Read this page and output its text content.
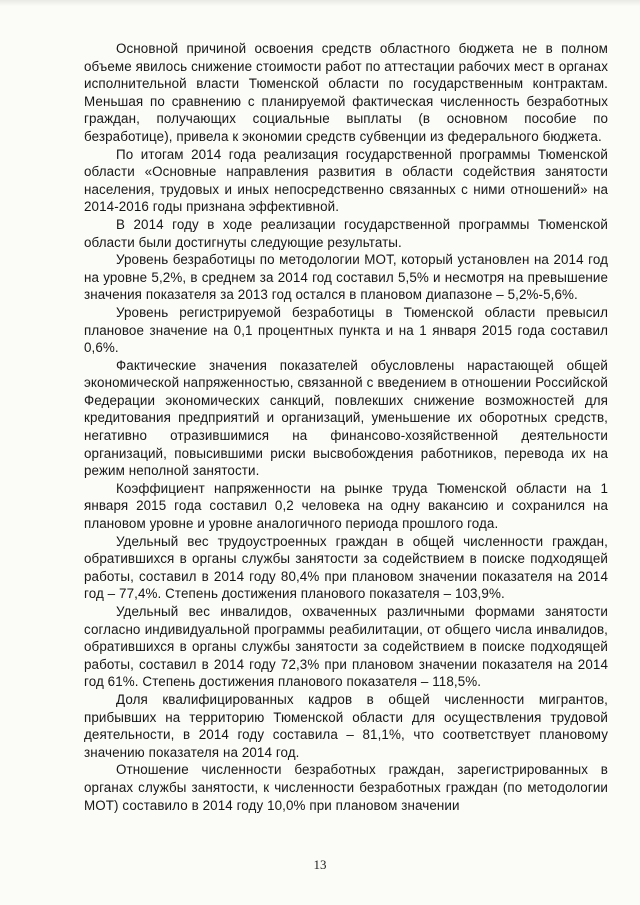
Основной причиной освоения средств областного бюджета не в полном объеме явилось снижение стоимости работ по аттестации рабочих мест в органах исполнительной власти Тюменской области по государственным контрактам. Меньшая по сравнению с планируемой фактическая численность безработных граждан, получающих социальные выплаты (в основном пособие по безработице), привела к экономии средств субвенции из федерального бюджета.

По итогам 2014 года реализация государственной программы Тюменской области «Основные направления развития в области содействия занятости населения, трудовых и иных непосредственно связанных с ними отношений» на 2014-2016 годы признана эффективной.

В 2014 году в ходе реализации государственной программы Тюменской области были достигнуты следующие результаты.

Уровень безработицы по методологии МОТ, который установлен на 2014 год на уровне 5,2%, в среднем за 2014 год составил 5,5% и несмотря на превышение значения показателя за 2013 год остался в плановом диапазоне – 5,2%-5,6%.

Уровень регистрируемой безработицы в Тюменской области превысил плановое значение на 0,1 процентных пункта и на 1 января 2015 года составил 0,6%.

Фактические значения показателей обусловлены нарастающей общей экономической напряженностью, связанной с введением в отношении Российской Федерации экономических санкций, повлекших снижение возможностей для кредитования предприятий и организаций, уменьшение их оборотных средств, негативно отразившимися на финансово-хозяйственной деятельности организаций, повысившими риски высвобождения работников, перевода их на режим неполной занятости.

Коэффициент напряженности на рынке труда Тюменской области на 1 января 2015 года составил 0,2 человека на одну вакансию и сохранился на плановом уровне и уровне аналогичного периода прошлого года.

Удельный вес трудоустроенных граждан в общей численности граждан, обратившихся в органы службы занятости за содействием в поиске подходящей работы, составил в 2014 году 80,4% при плановом значении показателя на 2014 год – 77,4%. Степень достижения планового показателя – 103,9%.

Удельный вес инвалидов, охваченных различными формами занятости согласно индивидуальной программы реабилитации, от общего числа инвалидов, обратившихся в органы службы занятости за содействием в поиске подходящей работы, составил в 2014 году 72,3% при плановом значении показателя на 2014 год 61%. Степень достижения планового показателя – 118,5%.

Доля квалифицированных кадров в общей численности мигрантов, прибывших на территорию Тюменской области для осуществления трудовой деятельности, в 2014 году составила – 81,1%, что соответствует плановому значению показателя на 2014 год.

Отношение численности безработных граждан, зарегистрированных в органах службы занятости, к численности безработных граждан (по методологии МОТ) составило в 2014 году 10,0% при плановом значении

13
